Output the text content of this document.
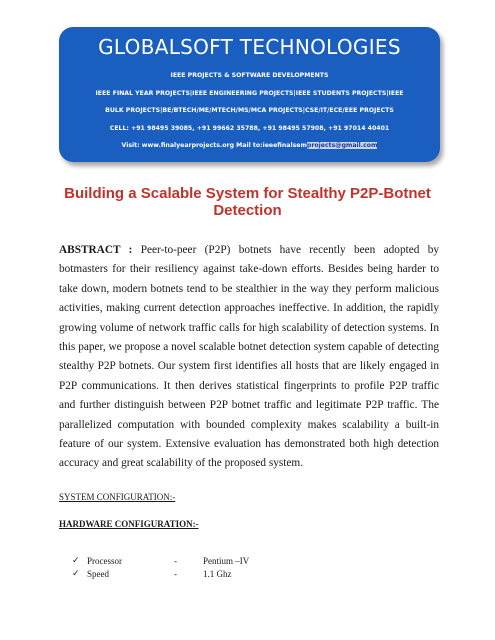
GLOBALSOFT TECHNOLOGIES
IEEE PROJECTS & SOFTWARE DEVELOPMENTS
IEEE FINAL YEAR PROJECTS|IEEE ENGINEERING PROJECTS|IEEE STUDENTS PROJECTS|IEEE
BULK PROJECTS|BE/BTECH/ME/MTECH/MS/MCA PROJECTS|CSE/IT/ECE/EEE PROJECTS
CELL: +91 98495 39085, +91 99662 35788, +91 98495 57908, +91 97014 40401
Visit: www.finalyearprojects.org Mail to:ieeefinalsemprojects@gmail.com
Building a Scalable System for Stealthy P2P-Botnet Detection
ABSTRACT : Peer-to-peer (P2P) botnets have recently been adopted by botmasters for their resiliency against take-down efforts. Besides being harder to take down, modern botnets tend to be stealthier in the way they perform malicious activities, making current detection approaches ineffective. In addition, the rapidly growing volume of network traffic calls for high scalability of detection systems. In this paper, we propose a novel scalable botnet detection system capable of detecting stealthy P2P botnets. Our system first identifies all hosts that are likely engaged in P2P communications. It then derives statistical fingerprints to profile P2P traffic and further distinguish between P2P botnet traffic and legitimate P2P traffic. The parallelized computation with bounded complexity makes scalability a built-in feature of our system. Extensive evaluation has demonstrated both high detection accuracy and great scalability of the proposed system.
SYSTEM CONFIGURATION:-
HARDWARE CONFIGURATION:-
✓ Processor	-	Pentium –IV
✓ Speed	-	1.1 Ghz
